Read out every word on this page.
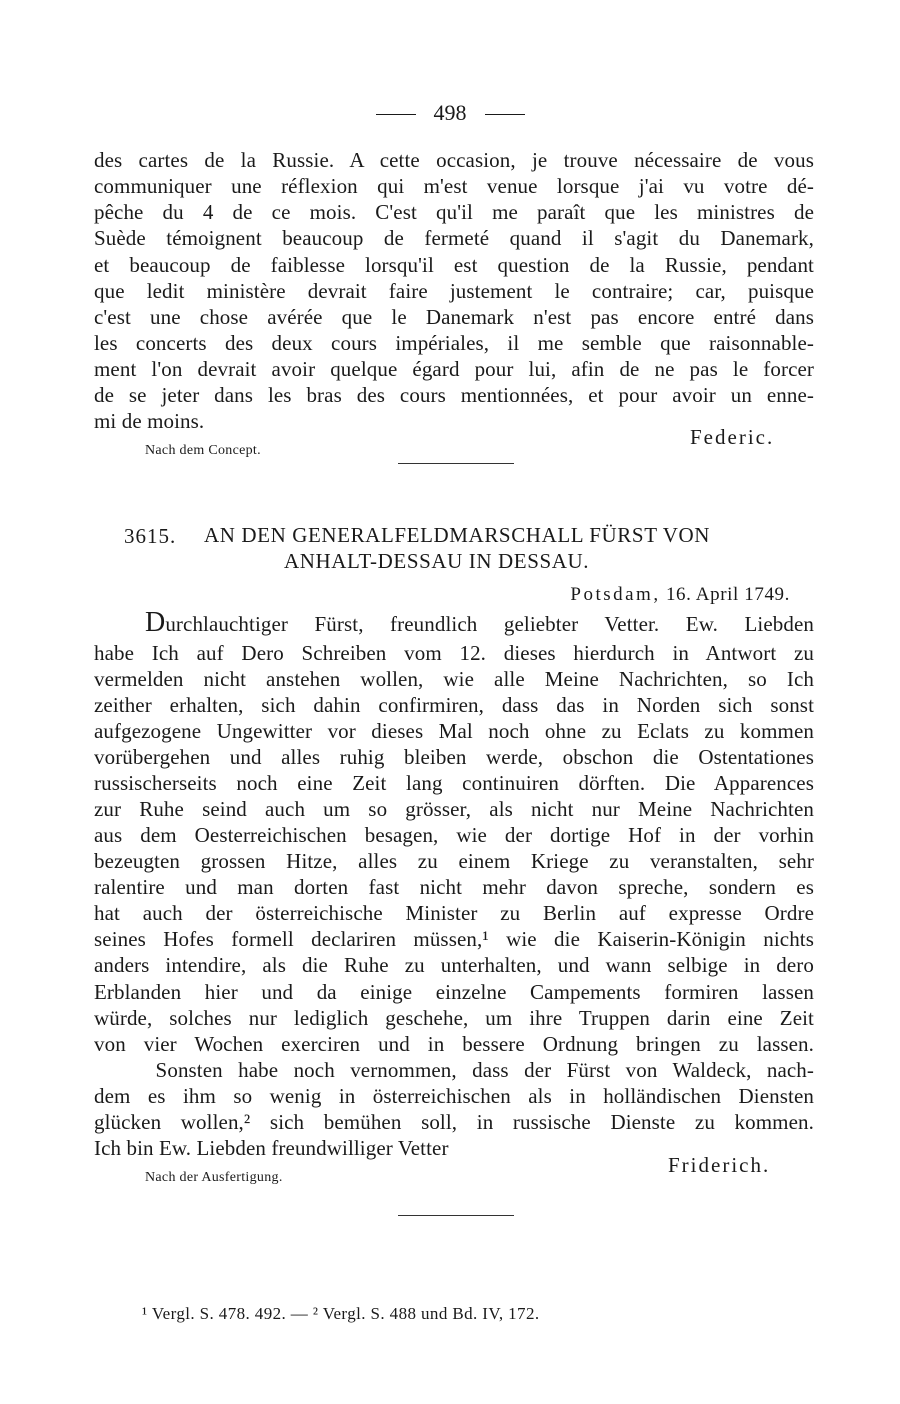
498
des cartes de la Russie. A cette occasion, je trouve nécessaire de vous
communiquer une réflexion qui m'est venue lorsque j'ai vu votre dé-
pêche du 4 de ce mois. C'est qu'il me paraît que les ministres de
Suède témoignent beaucoup de fermeté quand il s'agit du Danemark,
et beaucoup de faiblesse lorsqu'il est question de la Russie, pendant
que ledit ministère devrait faire justement le contraire; car, puisque
c'est une chose avérée que le Danemark n'est pas encore entré dans
les concerts des deux cours impériales, il me semble que raisonnable-
ment l'on devrait avoir quelque égard pour lui, afin de ne pas le forcer
de se jeter dans les bras des cours mentionnées, et pour avoir un enne-
mi de moins.
Federic.
Nach dem Concept.
3615. AN DEN GENERALFELDMARSCHALL FÜRST VON
ANHALT-DESSAU IN DESSAU.
Potsdam, 16. April 1749.
Durchlauchtiger Fürst, freundlich geliebter Vetter. Ew. Liebden
habe Ich auf Dero Schreiben vom 12. dieses hierdurch in Antwort zu
vermelden nicht anstehen wollen, wie alle Meine Nachrichten, so Ich
zeither erhalten, sich dahin confirmiren, dass das in Norden sich sonst
aufgezogene Ungewitter vor dieses Mal noch ohne zu Eclats zu kommen
vorübergehen und alles ruhig bleiben werde, obschon die Ostentationes
russischerseits noch eine Zeit lang continuiren dörften. Die Apparences
zur Ruhe seind auch um so grösser, als nicht nur Meine Nachrichten
aus dem Oesterreichischen besagen, wie der dortige Hof in der vorhin
bezeugten grossen Hitze, alles zu einem Kriege zu veranstalten, sehr
ralentire und man dorten fast nicht mehr davon spreche, sondern es
hat auch der österreichische Minister zu Berlin auf expresse Ordre
seines Hofes formell declariren müssen,¹ wie die Kaiserin-Königin nichts
anders intendire, als die Ruhe zu unterhalten, und wann selbige in dero
Erblanden hier und da einige einzelne Campements formiren lassen
würde, solches nur lediglich geschehe, um ihre Truppen darin eine Zeit
von vier Wochen exerciren und in bessere Ordnung bringen zu lassen.
Sonsten habe noch vernommen, dass der Fürst von Waldeck, nach-
dem es ihm so wenig in österreichischen als in holländischen Diensten
glücken wollen,² sich bemühen soll, in russische Dienste zu kommen.
Ich bin Ew. Liebden freundwilliger Vetter
Friderich.
Nach der Ausfertigung.
¹ Vergl. S. 478. 492. — ² Vergl. S. 488 und Bd. IV, 172.
